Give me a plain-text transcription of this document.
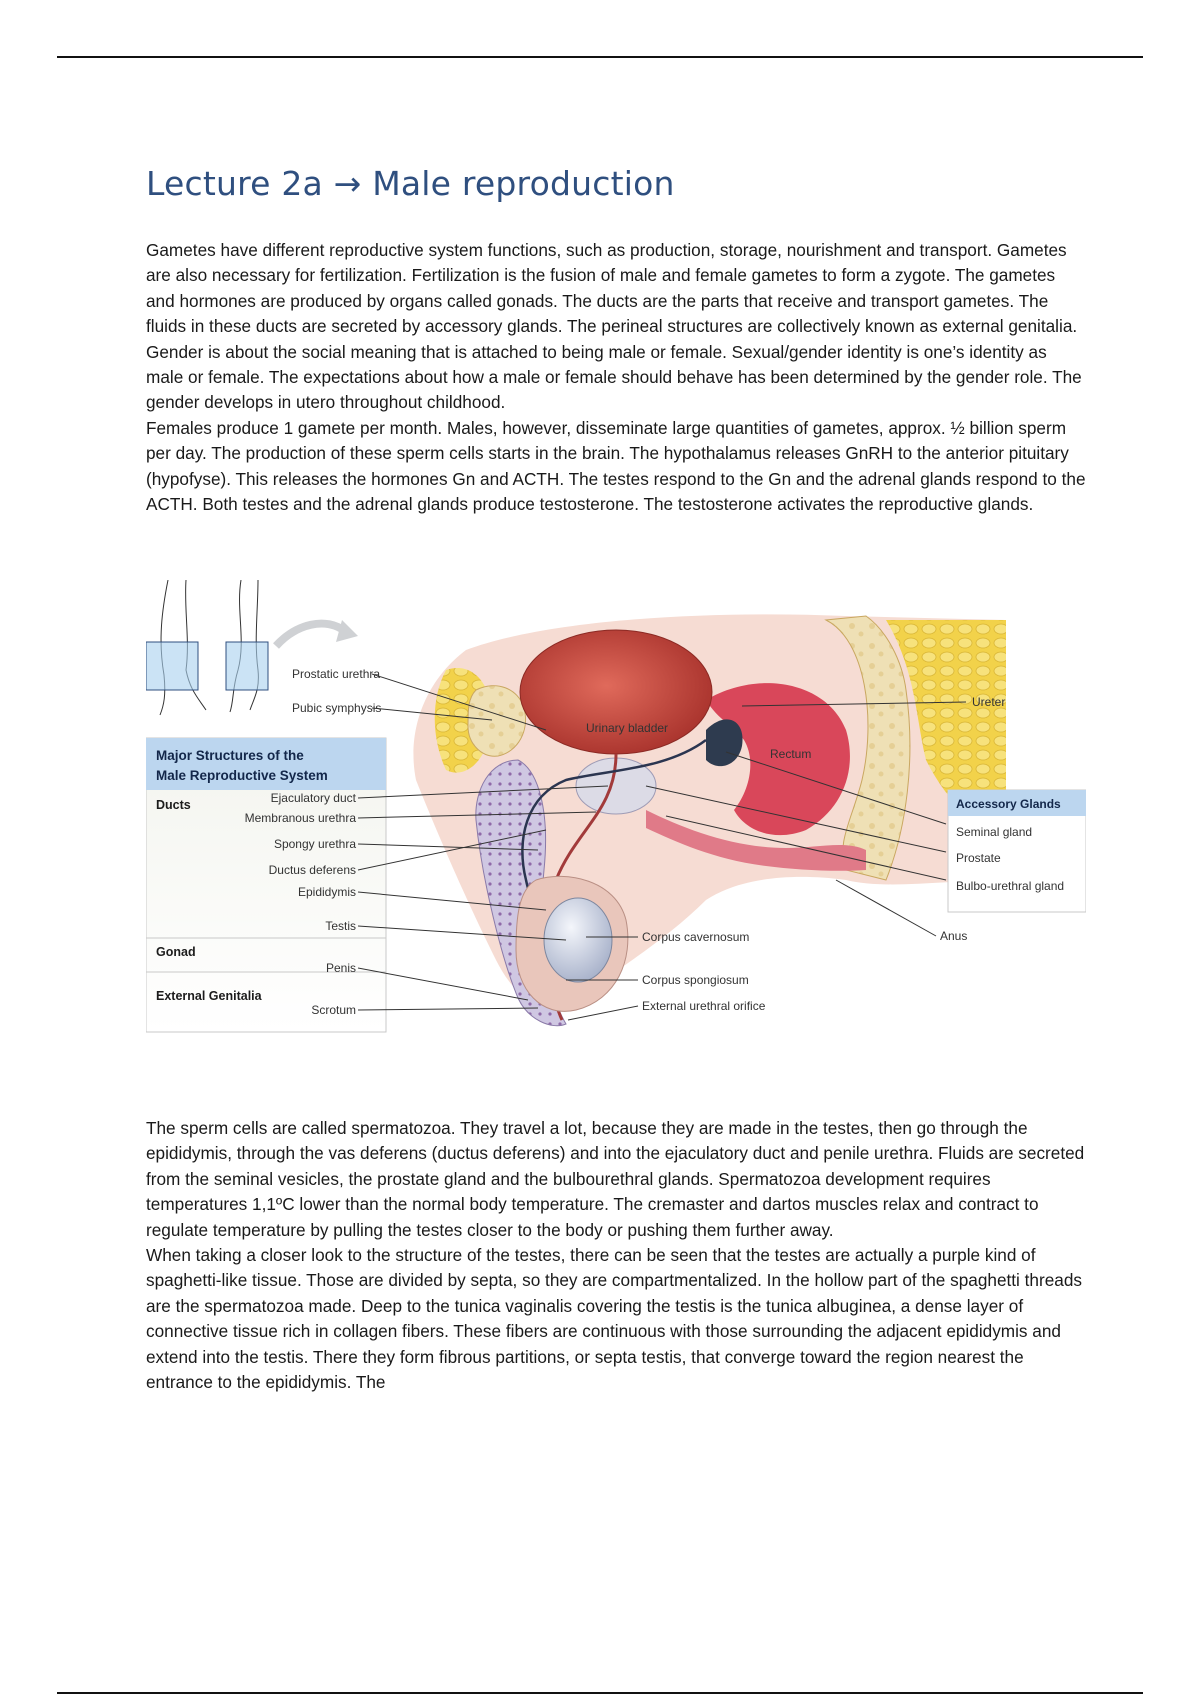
Lecture 2a → Male reproduction

Gametes have different reproductive system functions, such as production, storage, nourishment and transport. Gametes are also necessary for fertilization. Fertilization is the fusion of male and female gametes to form a zygote. The gametes and hormones are produced by organs called gonads. The ducts are the parts that receive and transport gametes. The fluids in these ducts are secreted by accessory glands. The perineal structures are collectively known as external genitalia.

Gender is about the social meaning that is attached to being male or female. Sexual/gender identity is one’s identity as male or female. The expectations about how a male or female should behave has been determined by the gender role. The gender develops in utero throughout childhood.

Females produce 1 gamete per month. Males, however, disseminate large quantities of gametes, approx. ½ billion sperm per day. The production of these sperm cells starts in the brain. The hypothalamus releases GnRH to the anterior pituitary (hypofyse). This releases the hormones Gn and ACTH. The testes respond to the Gn and the adrenal glands respond to the ACTH. Both testes and the adrenal glands produce testosterone. The testosterone activates the reproductive glands.

Major Structures of the
Male Reproductive System
Ducts
Gonad
External Genitalia
Prostatic urethra
Pubic symphysis
Ejaculatory duct
Membranous urethra
Spongy urethra
Ductus deferens
Epididymis
Testis
Penis
Scrotum
Urinary bladder
Rectum
Corpus cavernosum
Corpus spongiosum
External urethral orifice
Ureter
Accessory Glands
Seminal gland
Prostate
Bulbo-urethral gland
Anus

The sperm cells are called spermatozoa. They travel a lot, because they are made in the testes, then go through the epididymis, through the vas deferens (ductus deferens) and into the ejaculatory duct and penile urethra. Fluids are secreted from the seminal vesicles, the prostate gland and the bulbourethral glands. Spermatozoa development requires temperatures 1,1ºC lower than the normal body temperature. The cremaster and dartos muscles relax and contract to regulate temperature by pulling the testes closer to the body or pushing them further away.

When taking a closer look to the structure of the testes, there can be seen that the testes are actually a purple kind of spaghetti-like tissue. Those are divided by septa, so they are compartmentalized. In the hollow part of the spaghetti threads are the spermatozoa made. Deep to the tunica vaginalis covering the testis is the tunica albuginea, a dense layer of connective tissue rich in collagen fibers. These fibers are continuous with those surrounding the adjacent epididymis and extend into the testis. There they form fibrous partitions, or septa testis, that converge toward the region nearest the entrance to the epididymis. The
